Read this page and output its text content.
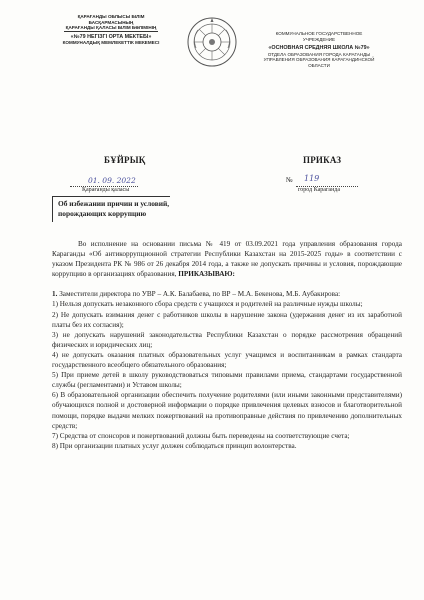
ҚАРАҒАНДЫ ОБЛЫСЫ БІЛІМ
БАСҚАРМАСЫНЫҢ
ҚАРАҒАНДЫ ҚАЛАСЫ БІЛІМ БӨЛІМІНІҢ
«№79 НЕГІЗГІ ОРТА МЕКТЕБІ»
КОММУНАЛДЫҚ МЕМЛЕКЕТТІК МЕКЕМЕСІ
КОММУНАЛЬНОЕ ГОСУДАРСТВЕННОЕ
УЧРЕЖДЕНИЕ
«ОСНОВНАЯ СРЕДНЯЯ ШКОЛА №79»
ОТДЕЛА ОБРАЗОВАНИЯ ГОРОДА КАРАГАНДЫ
УПРАВЛЕНИЯ ОБРАЗОВАНИЯ КАРАГАНДИНСКОЙ
ОБЛАСТИ
БҰЙРЫҚ	ПРИКАЗ
01. 09. 2022
Қарағанды қаласы
№ 119
город Караганда
Об избежании причин и условий,
порождающих коррупцию

Во исполнение на основании письма № 419 от 03.09.2021 года управления образования города Караганды «Об антикоррупционной стратегии Республики Казахстан на 2015-2025 годы» в соответствии с указом Президента РК № 986 от 26 декабря 2014 года, а также не допускать причины и условия, порождающие коррупцию в организациях образования, ПРИКАЗЫВАЮ:

1. Заместители директора по УВР – А.К. Балабаева, по ВР – М.А. Бекенова, М.Б. Аубакирова:

1) Нельзя допускать незаконного сбора средств с учащихся и родителей на различные нужды школы;

2) Не допускать взимания денег с работников школы в нарушение закона (удержания денег из их заработной платы без их согласия);

3) не допускать нарушений законодательства Республики Казахстан о порядке рассмотрения обращений физических и юридических лиц;

4) не допускать оказания платных образовательных услуг учащимся и воспитанникам в рамках стандарта государственного всеобщего обязательного образования;

5) При приеме детей в школу руководствоваться типовыми правилами приема, стандартами государственной службы (регламентами) и Уставом школы;

6) В образовательной организации обеспечить получение родителями (или иными законными представителями) обучающихся полной и достоверной информации о порядке привлечения целевых взносов и благотворительной помощи, порядке выдачи мелких пожертвований на противоправные действия по привлечению дополнительных средств;

7) Средства от спонсоров и пожертвований должны быть переведены на соответствующие счета;

8) При организации платных услуг должен соблюдаться принцип волонтерства.
